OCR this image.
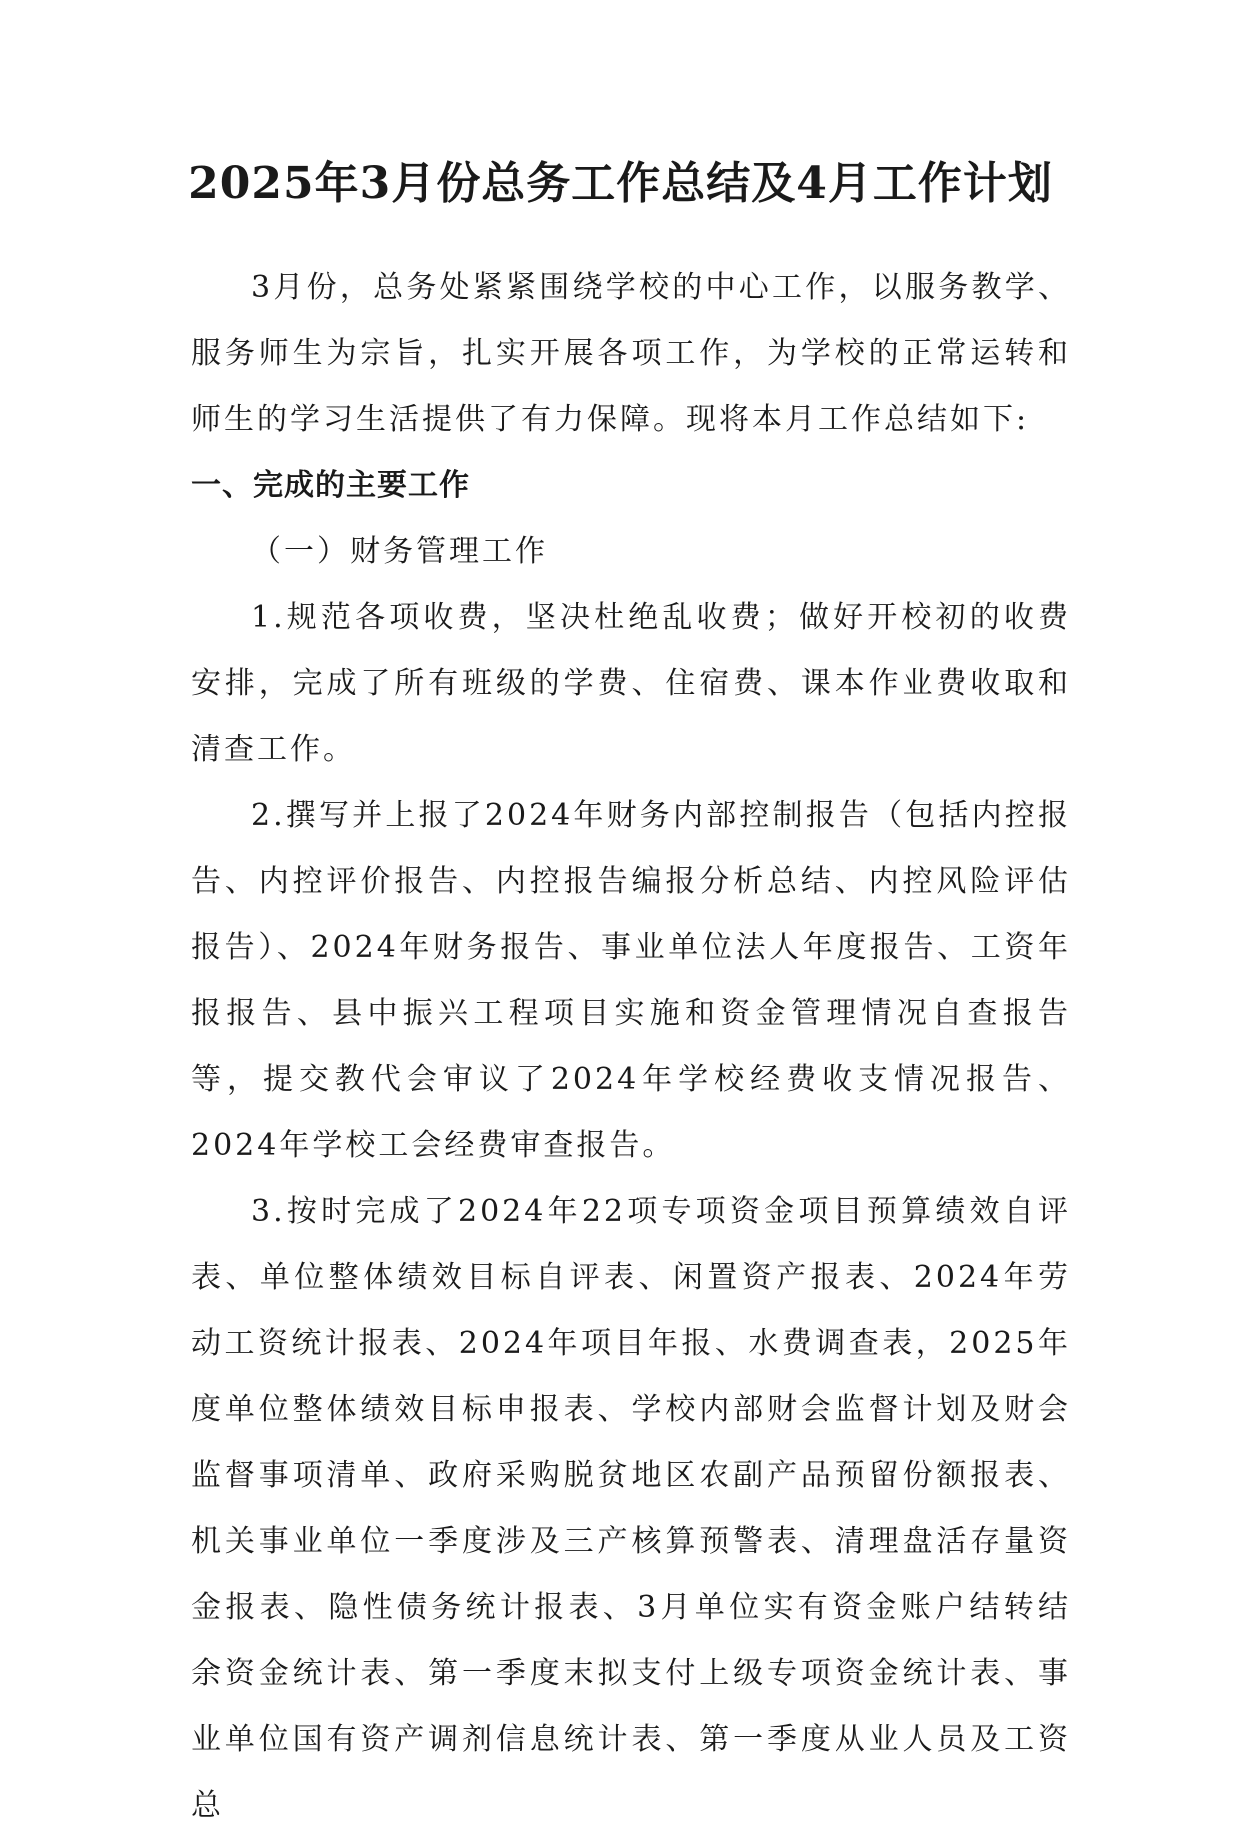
2025年3月份总务工作总结及4月工作计划

3月份，总务处紧紧围绕学校的中心工作，以服务教学、服务师生为宗旨，扎实开展各项工作，为学校的正常运转和师生的学习生活提供了有力保障。现将本月工作总结如下:

一、完成的主要工作

（一）财务管理工作

1.规范各项收费，坚决杜绝乱收费；做好开校初的收费安排，完成了所有班级的学费、住宿费、课本作业费收取和清查工作。

2.撰写并上报了2024年财务内部控制报告（包括内控报告、内控评价报告、内控报告编报分析总结、内控风险评估报告）、2024年财务报告、事业单位法人年度报告、工资年报报告、县中振兴工程项目实施和资金管理情况自查报告等，提交教代会审议了2024年学校经费收支情况报告、2024年学校工会经费审查报告。

3.按时完成了2024年22项专项资金项目预算绩效自评表、单位整体绩效目标自评表、闲置资产报表、2024年劳动工资统计报表、2024年项目年报、水费调查表，2025年度单位整体绩效目标申报表、学校内部财会监督计划及财会监督事项清单、政府采购脱贫地区农副产品预留份额报表、机关事业单位一季度涉及三产核算预警表、清理盘活存量资金报表、隐性债务统计报表、3月单位实有资金账户结转结余资金统计表、第一季度末拟支付上级专项资金统计表、事业单位国有资产调剂信息统计表、第一季度从业人员及工资总
